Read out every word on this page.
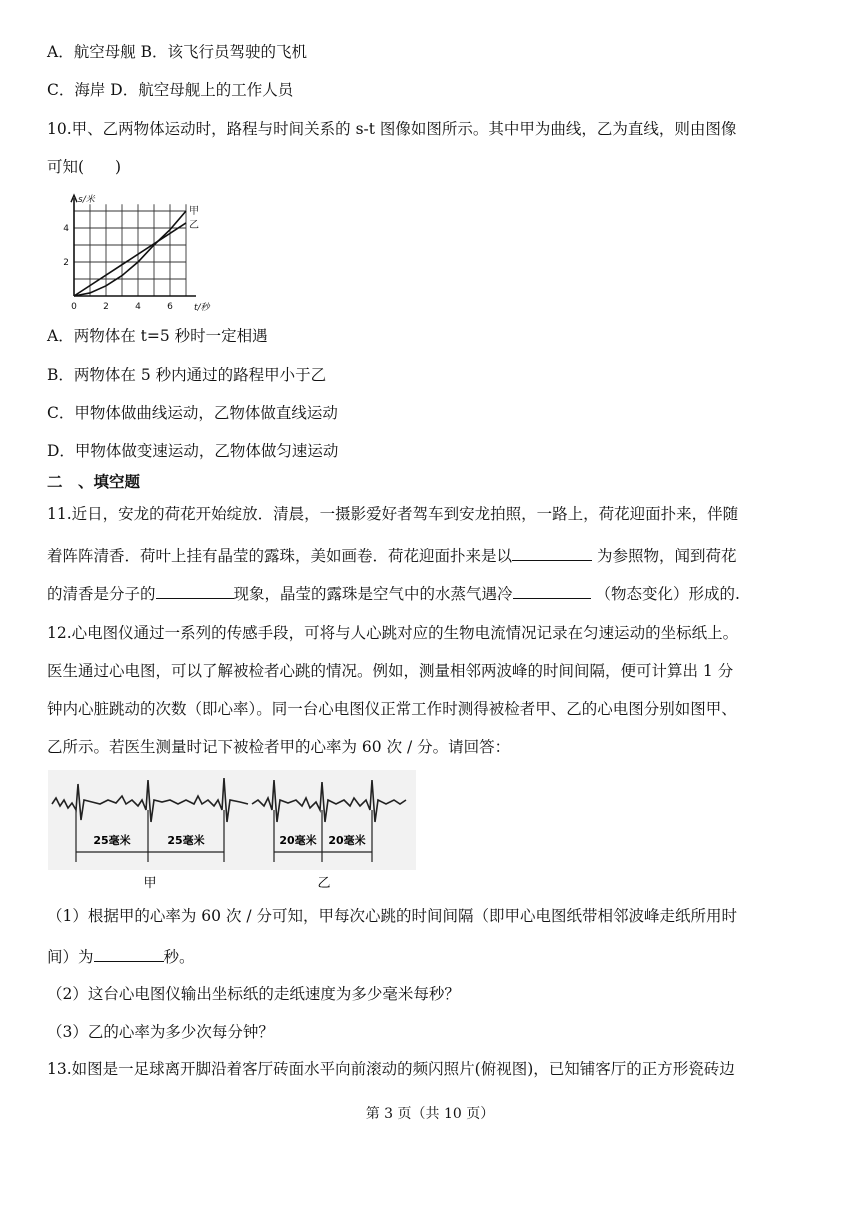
A．航空母舰 B．该飞行员驾驶的飞机
C．海岸 D．航空母舰上的工作人员
10.甲、乙两物体运动时，路程与时间关系的 s-t 图像如图所示。其中甲为曲线，乙为直线，则由图像
可知(　　)
甲
乙
0	2	4	6
2
4
t/秒
s/米
A．两物体在 t=5 秒时一定相遇
B．两物体在 5 秒内通过的路程甲小于乙
C．甲物体做曲线运动，乙物体做直线运动
D．甲物体做变速运动，乙物体做匀速运动
二　、填空题
11.近日，安龙的荷花开始绽放．清晨，一摄影爱好者驾车到安龙拍照，一路上，荷花迎面扑来，伴随
着阵阵清香．荷叶上挂有晶莹的露珠，美如画卷．荷花迎面扑来是以	为参照物，闻到荷花
的清香是分子的	现象，晶莹的露珠是空气中的水蒸气遇冷	（物态变化）形成的.
12.心电图仪通过一系列的传感手段，可将与人心跳对应的生物电流情况记录在匀速运动的坐标纸上。
医生通过心电图，可以了解被检者心跳的情况。例如，测量相邻两波峰的时间间隔，便可计算出 1 分
钟内心脏跳动的次数（即心率）。同一台心电图仪正常工作时测得被检者甲、乙的心电图分别如图甲、
乙所示。若医生测量时记下被检者甲的心率为 60 次 / 分。请回答：
25毫米	25毫米	20毫米 20毫米
甲	乙
（1）根据甲的心率为 60 次 / 分可知，甲每次心跳的时间间隔（即甲心电图纸带相邻波峰走纸所用时
间）为	秒。
（2）这台心电图仪输出坐标纸的走纸速度为多少毫米每秒？
（3）乙的心率为多少次每分钟？
13.如图是一足球离开脚沿着客厅砖面水平向前滚动的频闪照片(俯视图)，已知铺客厅的正方形瓷砖边
第 3 页（共 10 页）
